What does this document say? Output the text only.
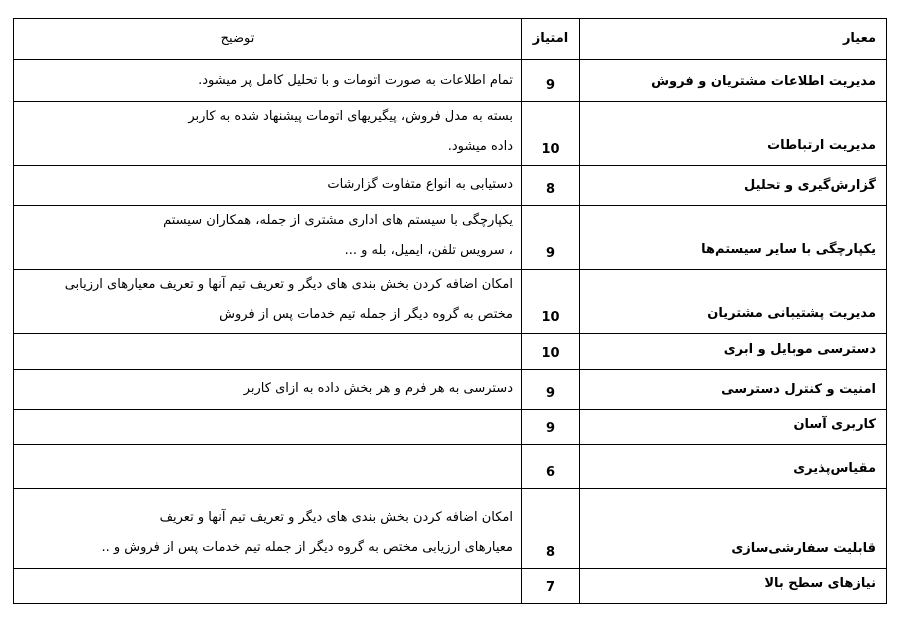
معیار	امتیاز	توضیح
مدیریت اطلاعات مشتریان و فروش	9	تمام اطلاعات به صورت اتومات و با تحلیل کامل پر میشود.

مدیریت ارتباطات	10	بسته به مدل فروش، پیگیریهای اتومات پیشنهاد شده به کاربر
داده میشود.

گزارش‌گیری و تحلیل	8	دستیابی به انواع متفاوت گزارشات

یکپارچگی با سایر سیستم‌ها	9	یکپارچگی با سیستم های اداری مشتری از جمله، همکاران سیستم
، سرویس تلفن، ایمیل، بله و ...

مدیریت پشتیبانی مشتریان	10	امکان اضافه کردن بخش بندی های دیگر و تعریف تیم آنها و تعریف معیارهای ارزیابی
مختص به گروه دیگر از جمله تیم خدمات پس از فروش

دسترسی موبایل و ابری	10	
امنیت و کنترل دسترسی	9	دسترسی به هر فرم و هر بخش داده به ازای کاربر

کاربری آسان	9	
مقیاس‌پذیری	6	
قابلیت سفارشی‌سازی	8	امکان اضافه کردن بخش بندی های دیگر و تعریف تیم آنها و تعریف
معیارهای ارزیابی مختص به گروه دیگر از جمله تیم خدمات پس از فروش و ..

نیازهای سطح بالا	7	
